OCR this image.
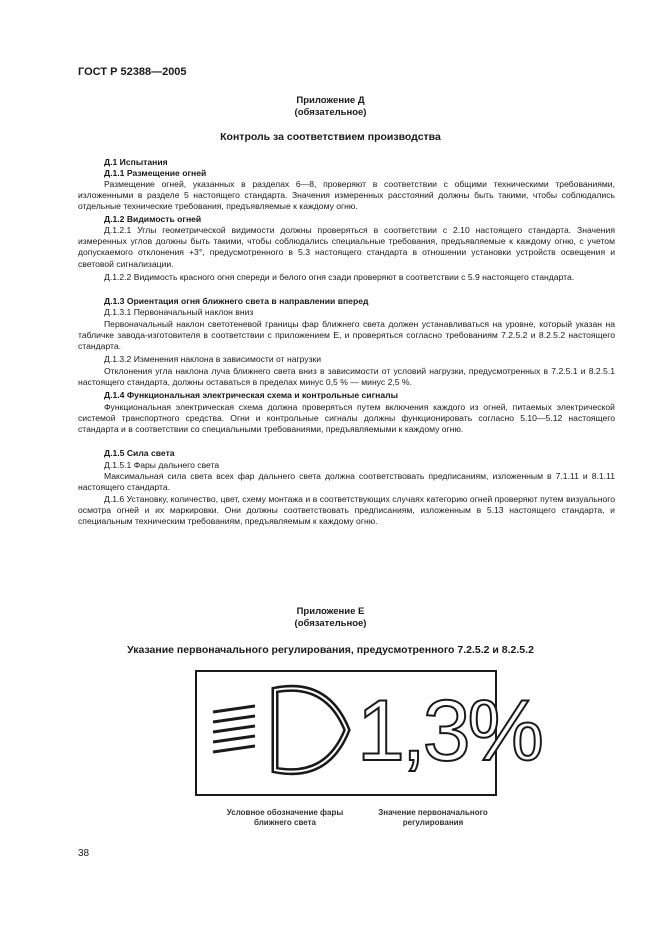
ГОСТ Р 52388—2005
Приложение Д
(обязательное)
Контроль за соответствием производства
Д.1 Испытания
Д.1.1 Размещение огней
Размещение огней, указанных в разделах 6—8, проверяют в соответствии с общими техническими требованиями, изложенными в разделе 5 настоящего стандарта. Значения измеренных расстояний должны быть такими, чтобы соблюдались отдельные технические требования, предъявляемые к каждому огню.
Д.1.2 Видимость огней
Д.1.2.1 Углы геометрической видимости должны проверяться в соответствии с 2.10 настоящего стандарта. Значения измеренных углов должны быть такими, чтобы соблюдались специальные требования, предъявляемые к каждому огню, с учетом допускаемого отклонения +3°, предусмотренного в 5.3 настоящего стандарта в отношении установки устройств освещения и световой сигнализации.
Д.1.2.2 Видимость красного огня спереди и белого огня сзади проверяют в соответствии с 5.9 настоящего стандарта.
Д.1.3 Ориентация огня ближнего света в направлении вперед
Д.1.3.1 Первоначальный наклон вниз
Первоначальный наклон светотеневой границы фар ближнего света должен устанавливаться на уровне, который указан на табличке завода-изготовителя в соответствии с приложением Е, и проверяться согласно требованиям 7.2.5.2 и 8.2.5.2 настоящего стандарта.
Д.1.3.2 Изменения наклона в зависимости от нагрузки
Отклонения угла наклона луча ближнего света вниз в зависимости от условий нагрузки, предусмотренных в 7.2.5.1 и 8.2.5.1 настоящего стандарта, должны оставаться в пределах минус 0,5 % — минус 2,5 %.
Д.1.4 Функциональная электрическая схема и контрольные сигналы
Функциональная электрическая схема должна проверяться путем включения каждого из огней, питаемых электрической системой транспортного средства. Огни и контрольные сигналы должны функционировать согласно 5.10—5.12 настоящего стандарта и в соответствии со специальными требованиями, предъявляемыми к каждому огню.
Д.1.5 Сила света
Д.1.5.1 Фары дальнего света
Максимальная сила света всех фар дальнего света должна соответствовать предписаниям, изложенным в 7.1.11 и 8.1.11 настоящего стандарта.
Д.1.6 Установку, количество, цвет, схему монтажа и в соответствующих случаях категорию огней проверяют путем визуального осмотра огней и их маркировки. Они должны соответствовать предписаниям, изложенным в 5.13 настоящего стандарта, и специальным техническим требованиям, предъявляемым к каждому огню.
Приложение Е
(обязательное)
Указание первоначального регулирования, предусмотренного 7.2.5.2 и 8.2.5.2
1,3%
Условное обозначение фары ближнего света
Значение первоначального регулирования
38
